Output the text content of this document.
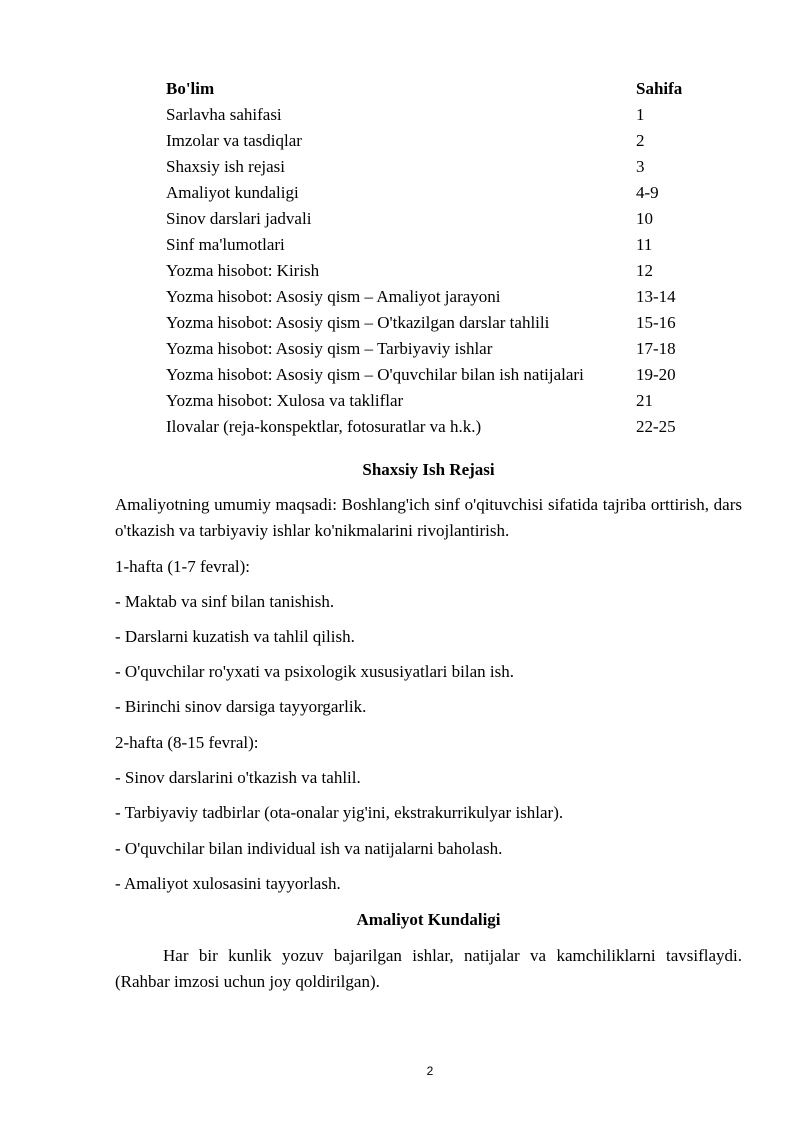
Bo'lim	Sahifa
Sarlavha sahifasi	1
Imzolar va tasdiqlar	2
Shaxsiy ish rejasi	3
Amaliyot kundaligi	4-9
Sinov darslari jadvali	10
Sinf ma'lumotlari	11
Yozma hisobot: Kirish	12
Yozma hisobot: Asosiy qism – Amaliyot jarayoni	13-14
Yozma hisobot: Asosiy qism – O'tkazilgan darslar tahlili	15-16
Yozma hisobot: Asosiy qism – Tarbiyaviy ishlar	17-18
Yozma hisobot: Asosiy qism – O'quvchilar bilan ish natijalari	19-20
Yozma hisobot: Xulosa va takliflar	21
Ilovalar (reja-konspektlar, fotosuratlar va h.k.)	22-25
Shaxsiy Ish Rejasi

Amaliyotning umumiy maqsadi: Boshlang'ich sinf o'qituvchisi sifatida tajriba orttirish, dars o'tkazish va tarbiyaviy ishlar ko'nikmalarini rivojlantirish.

1-hafta (1-7 fevral):

- Maktab va sinf bilan tanishish.

- Darslarni kuzatish va tahlil qilish.

- O'quvchilar ro'yxati va psixologik xususiyatlari bilan ish.

- Birinchi sinov darsiga tayyorgarlik.

2-hafta (8-15 fevral):

- Sinov darslarini o'tkazish va tahlil.

- Tarbiyaviy tadbirlar (ota-onalar yig'ini, ekstrakurrikulyar ishlar).

- O'quvchilar bilan individual ish va natijalarni baholash.

- Amaliyot xulosasini tayyorlash.

Amaliyot Kundaligi

Har bir kunlik yozuv bajarilgan ishlar, natijalar va kamchiliklarni tavsiflaydi. (Rahbar imzosi uchun joy qoldirilgan).

2
